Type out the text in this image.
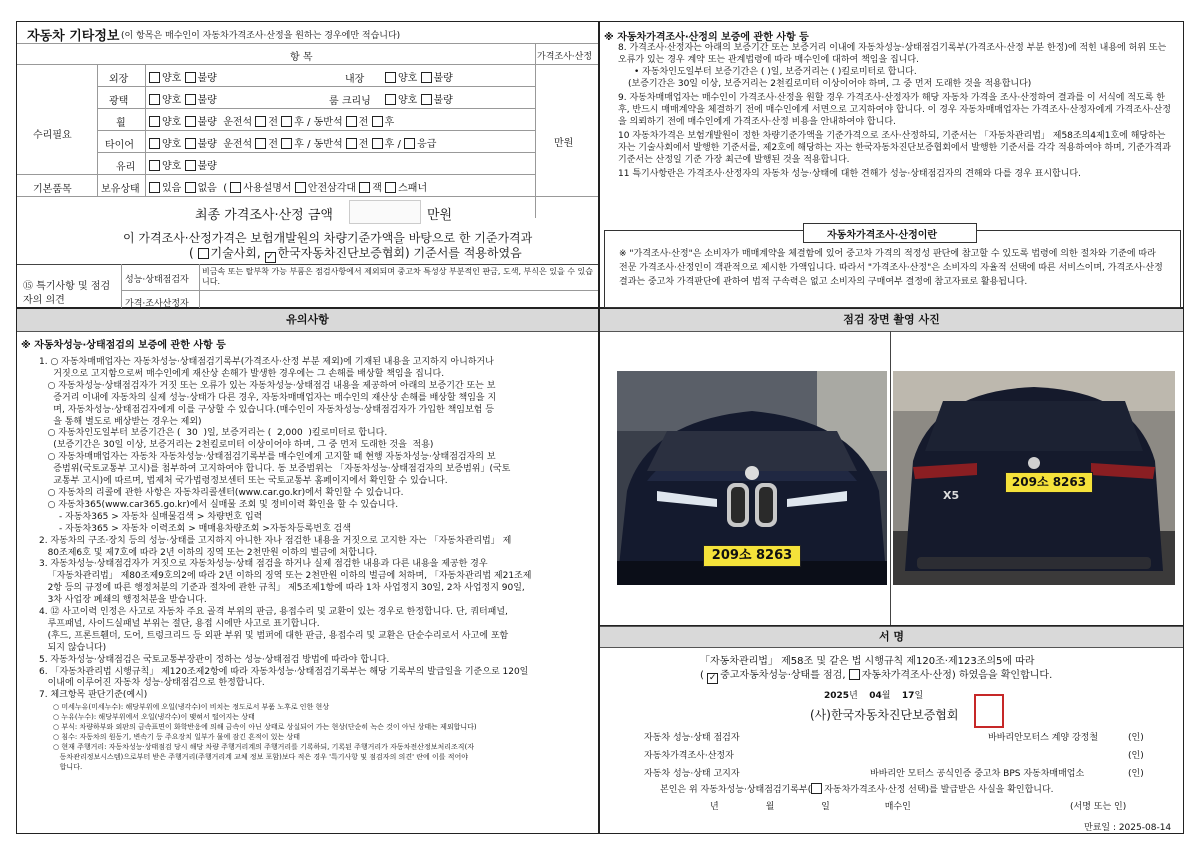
자동차 기타정보 (이 항목은 매수인이 자동차가격조사·산정을 원하는 경우에만 적습니다)
항 목	가격조사·산정
수리필요
만원
외장	양호 불량	내장	양호 불량
광택	양호 불량	룸 크리닝	양호 불량
휠	양호 불량 운전석 전 후 / 동반석 전 후
타이어	양호 불량 운전석 전 후 / 동반석 전 후 / 응급
유리	양호 불량
기본품목	보유상태	있음 없음  ( 사용설명서 안전삼각대 잭 스패너
최종 가격조사·산정 금액	만원
이 가격조사·산정가격은 보험개발원의 차량기준가액을 바탕으로 한 기준가격과
( 기술사회, ✓ 한국자동차진단보증협회) 기준서를 적용하였음
⑮ 특기사항 및 점검자의 의견
성능·상태점검자
비금속 또는 탈부착 가능 부품은 점검사항에서 제외되며 중고차 특성상 부분적인 판금, 도색, 부식은 있을 수 있습니다.
가격·조사산정자
※ 자동차가격조사·산정의 보증에 관한 사항 등
8. 가격조사·산정자는 아래의 보증기간 또는 보증거리 이내에 자동차성능·상태점검기록부(가격조사·산정 부분 한정)에 적힌 내용에 허위 또는 오류가 있는 경우 계약 또는 관계법령에 따라 매수인에 대하여 책임을 집니다.
• 자동차인도일부터 보증기간은 ( )일, 보증거리는 ( )킬로미터로 합니다.
(보증기간은 30일 이상, 보증거리는 2천킬로미터 이상이어야 하며, 그 중 먼저 도래한 것을 적용합니다)
9. 자동차매매업자는 매수인이 가격조사·산정을 원할 경우 가격조사·산정자가 해당 자동차 가격을 조사·산정하여 결과를 이 서식에 적도록 한 후, 반드시 매매계약을 체결하기 전에 매수인에게 서면으로 고지하여야 합니다. 이 경우 자동차매매업자는 가격조사·산정자에게 가격조사·산정을 의뢰하기 전에 매수인에게 가격조사·산정 비용을 안내하여야 합니다.
10 자동차가격은 보험개발원이 정한 차량기준가액을 기준가격으로 조사·산정하되, 기준서는 「자동차관리법」 제58조의4제1호에 해당하는 자는 기술사회에서 발행한 기준서를, 제2호에 해당하는 자는 한국자동차진단보증협회에서 발행한 기준서를 각각 적용하여야 하며, 기준가격과 기준서는 산정일 기준 가장 최근에 발행된 것을 적용합니다.
11 특기사항란은 가격조사·산정자의 자동차 성능·상태에 대한 견해가 성능·상태점검자의 견해와 다를 경우 표시합니다.
자동차가격조사·산정이란
※ "가격조사·산정"은 소비자가 매매계약을 체결함에 있어 중고차 가격의 적정성 판단에 참고할 수 있도록 법령에 의한 절차와 기준에 따라 전문 가격조사·산정인이 객관적으로 제시한 가액입니다. 따라서 "가격조사·산정"은 소비자의 자율적 선택에 따른 서비스이며, 가격조사·산정 결과는 중고차 가격판단에 관하여 법적 구속력은 없고 소비자의 구매여부 결정에 참고자료로 활용됩니다.
유의사항
※ 자동차성능·상태점검의 보증에 관한 사항 등
1. ○ 자동차매매업자는 자동차성능·상태점검기록부(가격조사·산정 부분 제외)에 기재된 내용을 고지하지 아니하거나
거짓으로 고지함으로써 매수인에게 재산상 손해가 발생한 경우에는 그 손해를 배상할 책임을 집니다.
○ 자동차성능·상태점검자가 거짓 또는 오류가 있는 자동차성능·상태점검 내용을 제공하여 아래의 보증기간 또는 보
증거리 이내에 자동차의 실제 성능·상태가 다른 경우, 자동차매매업자는 매수인의 재산상 손해를 배상할 책임을 지
며, 자동차성능·상태점검자에게 이를 구상할 수 있습니다.(매수인이 자동차성능·상태점검자가 가입한 책임보험 등
을 통해 별도로 배상받는 경우는 제외)
○ 자동차인도일부터 보증기간은 (  30  )일, 보증거리는 (  2,000  )킬로미터로 합니다.
(보증기간은 30일 이상, 보증거리는 2천킬로미터 이상이어야 하며, 그 중 먼저 도래한 것을  적용)
○ 자동차매매업자는 자동차 자동차성능·상태점검기록부를 매수인에게 고지할 때 현행 자동차성능·상태점검자의 보
증범위(국토교통부 고시)를 첨부하여 고지하여야 합니다. 동 보증범위는 「자동차성능·상태점검자의 보증범위」(국토
교통부 고시)에 따르며, 법제처 국가법령정보센터 또는 국토교통부 홈페이지에서 확인할 수 있습니다.
○ 자동차의 리콜에 관한 사항은 자동차리콜센터(www.car.go.kr)에서 확인할 수 있습니다.
○ 자동차365(www.car365.go.kr)에서 실매물 조회 및 정비이력 확인을 할 수 있습니다.
- 자동차365 > 자동차 실매물검색 > 차량번호 입력
- 자동차365 > 자동차 이력조회 > 매매용차량조회 >자동차등록번호 검색
2. 자동차의 구조·장치 등의 성능·상태를 고지하지 아니한 자나 점검한 내용을 거짓으로 고지한 자는 「자동차관리법」 제
80조제6호 및 제7호에 따라 2년 이하의 징역 또는 2천만원 이하의 벌금에 처합니다.
3. 자동차성능·상태점검자가 거짓으로 자동차성능·상태 점검을 하거나 실제 점검한 내용과 다른 내용을 제공한 경우
「자동차관리법」 제80조제9호의2에 따라 2년 이하의 징역 또는 2천만원 이하의 벌금에 처하며, 「자동차관리법 제21조제
2항 등의 규정에 따른 행정처분의 기준과 절차에 관한 규칙」 제5조제1항에 따라 1차 사업정지 30일, 2차 사업정지 90일,
3차 사업장 폐쇄의 행정처분을 받습니다.
4. ⑫ 사고이력 인정은 사고로 자동차 주요 골격 부위의 판금, 용접수리 및 교환이 있는 경우로 한정합니다. 단, 쿼터패널,
루프패널, 사이드실패널 부위는 절단, 용접 시에만 사고로 표기합니다.
(후드, 프론트휀더, 도어, 트렁크리드 등 외판 부위 및 범퍼에 대한 판금, 용접수리 및 교환은 단순수리로서 사고에 포함
되지 않습니다)
5. 자동차성능·상태점검은 국토교통부장관이 정하는 성능·상태점검 방법에 따라야 합니다.
6. 「자동차관리법 시행규칙」 제120조제2항에 따라 자동차성능·상태점검기록부는 해당 기록부의 발급일을 기준으로 120일
이내에 이루어진 자동차 성능·상태점검으로 한정합니다.
7. 체크항목 판단기준(예시)
○ 미세누유(미세누수): 해당부위에 오일(냉각수)이 비치는 정도로서 부품 노후로 인한 현상
○ 누유(누수): 해당부위에서 오일(냉각수)이 맺혀서 떨어지는 상태
○ 부식: 차량하부와 외판의 금속표면이 화학반응에 의해 금속이 아닌 상태로 상실되어 가는 현상(단순히 녹슨 것이 아닌 상태는 제외합니다)
○ 침수: 자동차의 원동기, 변속기 등 주요장치 일부가 물에 잠긴 흔적이 있는 상태
○ 현재 주행거리: 자동차성능·상태점검 당시 해당 차량 주행거리계의 주행거리를 기록하되, 기록된 주행거리가 자동차전산정보처리조직(자
동차관리정보시스템)으로부터 받은 주행거리(주행거리계 교체 정보 포함)보다 적은 경우 '특기사항 및 점검자의 의견' 란에 이를 적어야
합니다.
점검 장면 촬영 사진
209소 8263
X5
209소 8263
서 명
「자동차관리법」 제58조 및 같은 법 시행규칙 제120조·제123조의5에 따라
( ✓ 중고자동차성능·상태를 점검, 자동차가격조사·산정) 하였음을 확인합니다.
2025년 04월 17일
(사)한국자동차진단보증협회
자동차 성능·상태 점검자	바바리안모터스 계양 강정철	(인)
자동차가격조사·산정자	(인)
자동차 성능·상태 고지자	바바리안 모터스 공식인증 중고차 BPS 자동차매매업소	(인)
본인은 위 자동차성능·상태점검기록부( 자동차가격조사·산정 선택)를 발급받은 사실을 확인합니다.
년	월	일	매수인	(서명 또는 인)
만료일 : 2025-08-14
